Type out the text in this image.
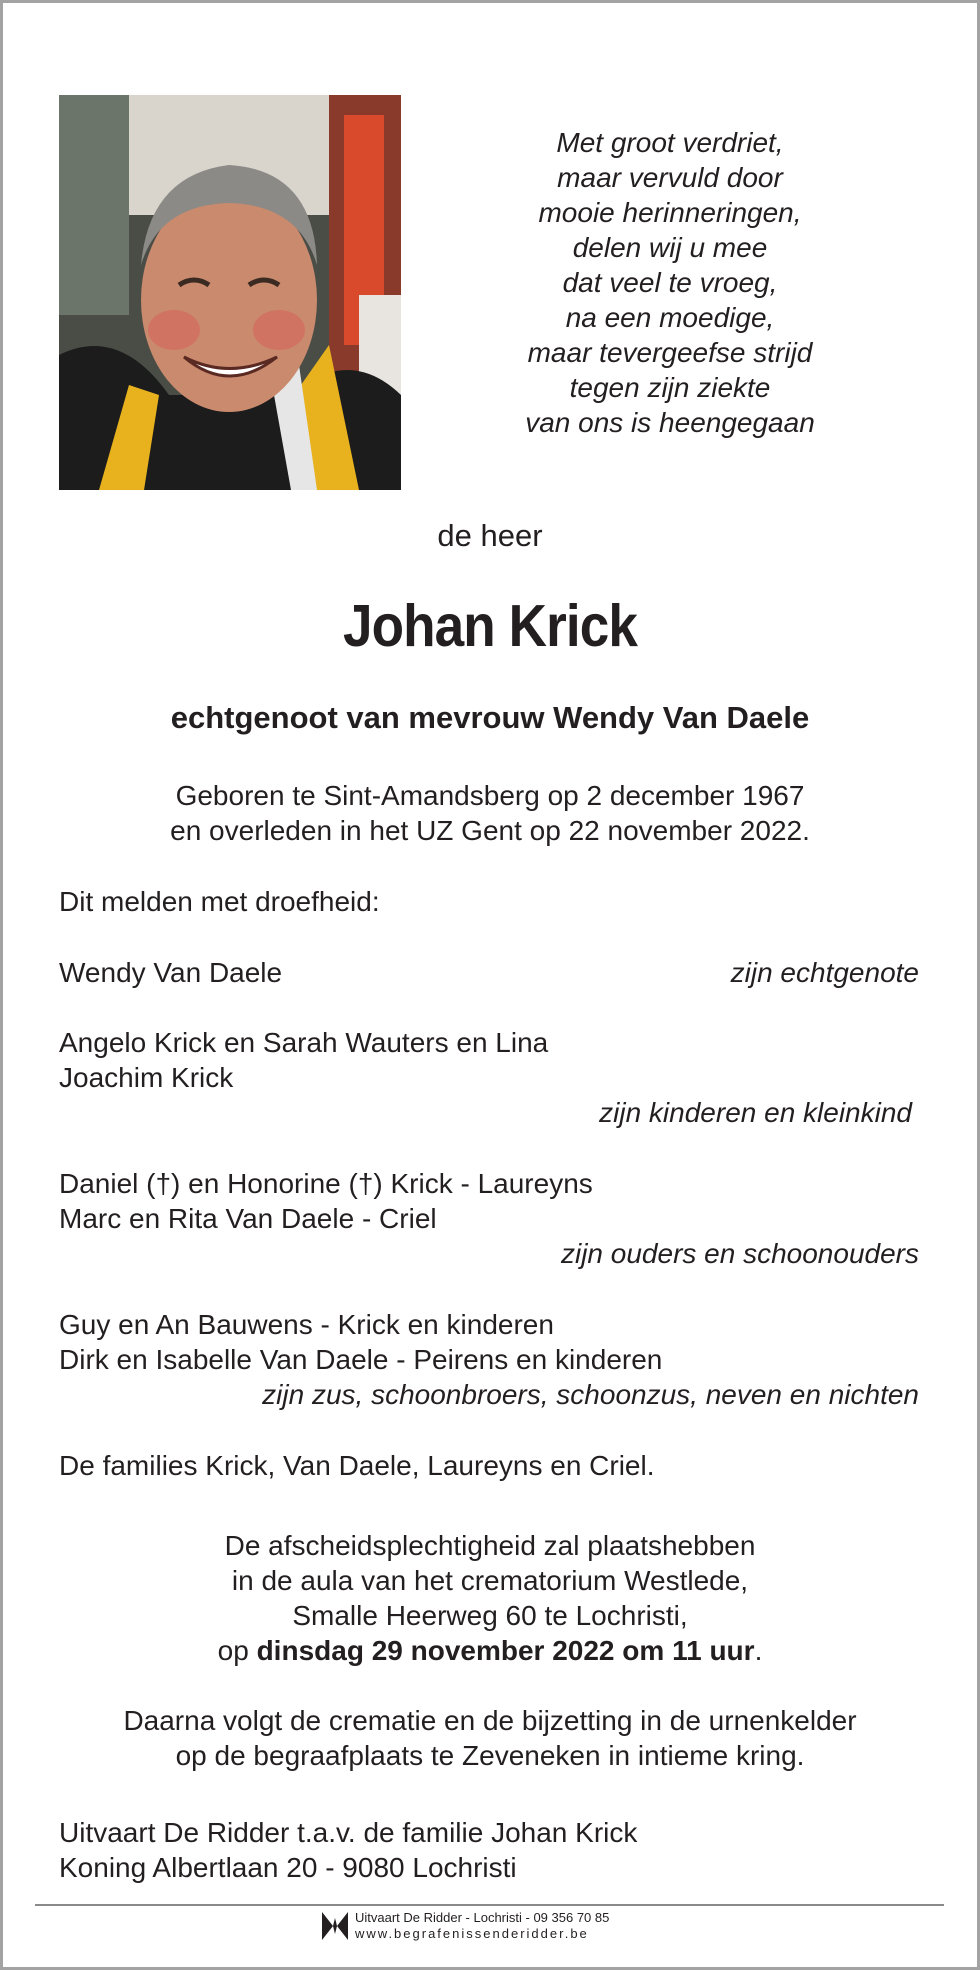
Met groot verdriet,
maar vervuld door
mooie herinneringen,
delen wij u mee
dat veel te vroeg,
na een moedige,
maar tevergeefse strijd
tegen zijn ziekte
van ons is heengegaan
de heer
Johan Krick
echtgenoot van mevrouw Wendy Van Daele
Geboren te Sint-Amandsberg op 2 december 1967
en overleden in het UZ Gent op 22 november 2022.
Dit melden met droefheid:
Wendy Van Daele	zijn echtgenote
Angelo Krick en Sarah Wauters en Lina
Joachim Krick
zijn kinderen en kleinkind
Daniel (†) en Honorine (†) Krick - Laureyns
Marc en Rita Van Daele - Criel
zijn ouders en schoonouders
Guy en An Bauwens - Krick en kinderen
Dirk en Isabelle Van Daele - Peirens en kinderen
zijn zus, schoonbroers, schoonzus, neven en nichten
De families Krick, Van Daele, Laureyns en Criel.
De afscheidsplechtigheid zal plaatshebben
in de aula van het crematorium Westlede,
Smalle Heerweg 60 te Lochristi,
op dinsdag 29 november 2022 om 11 uur.
Daarna volgt de crematie en de bijzetting in de urnenkelder
op de begraafplaats te Zeveneken in intieme kring.
Uitvaart De Ridder t.a.v. de familie Johan Krick
Koning Albertlaan 20 - 9080 Lochristi
Uitvaart De Ridder - Lochristi - 09 356 70 85
www.begrafenissenderidder.be
